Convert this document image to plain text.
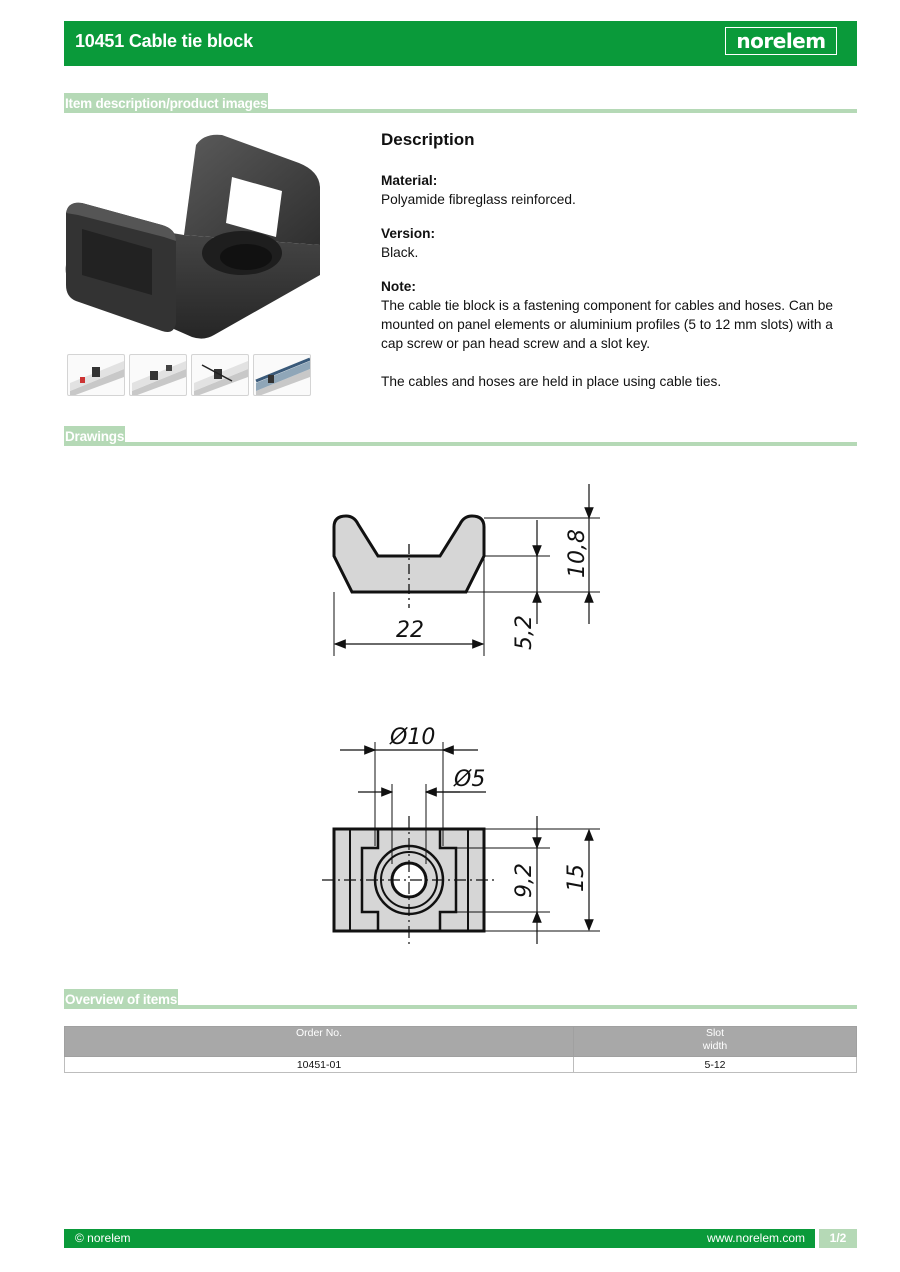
10451 Cable tie block	norelem
Item description/product images
Description
Material:

Polyamide fibreglass reinforced.

Version:

Black.

Note:

The cable tie block is a fastening component for cables and hoses. Can be mounted on panel elements or aluminium profiles (5 to 12 mm slots) with a cap screw or pan head screw and a slot key.

The cables and hoses are held in place using cable ties.

Drawings
22	5,2
10,8
Ø10
Ø5
9,2 15
Overview of items
Order No.	Slot
width

10451-01	5-12
© norelem	www.norelem.com	1/2
